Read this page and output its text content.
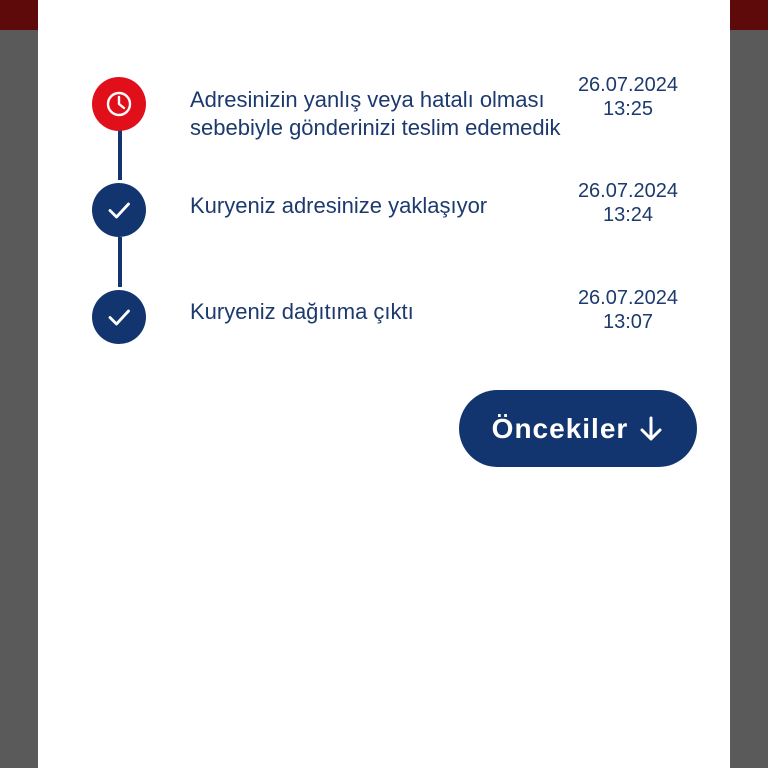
Adresinizin yanlış veya hatalı olması sebebiyle gönderinizi teslim edemedik
26.07.2024
13:25
Kuryeniz adresinize yaklaşıyor
26.07.2024
13:24
Kuryeniz dağıtıma çıktı
26.07.2024
13:07
Öncekiler
